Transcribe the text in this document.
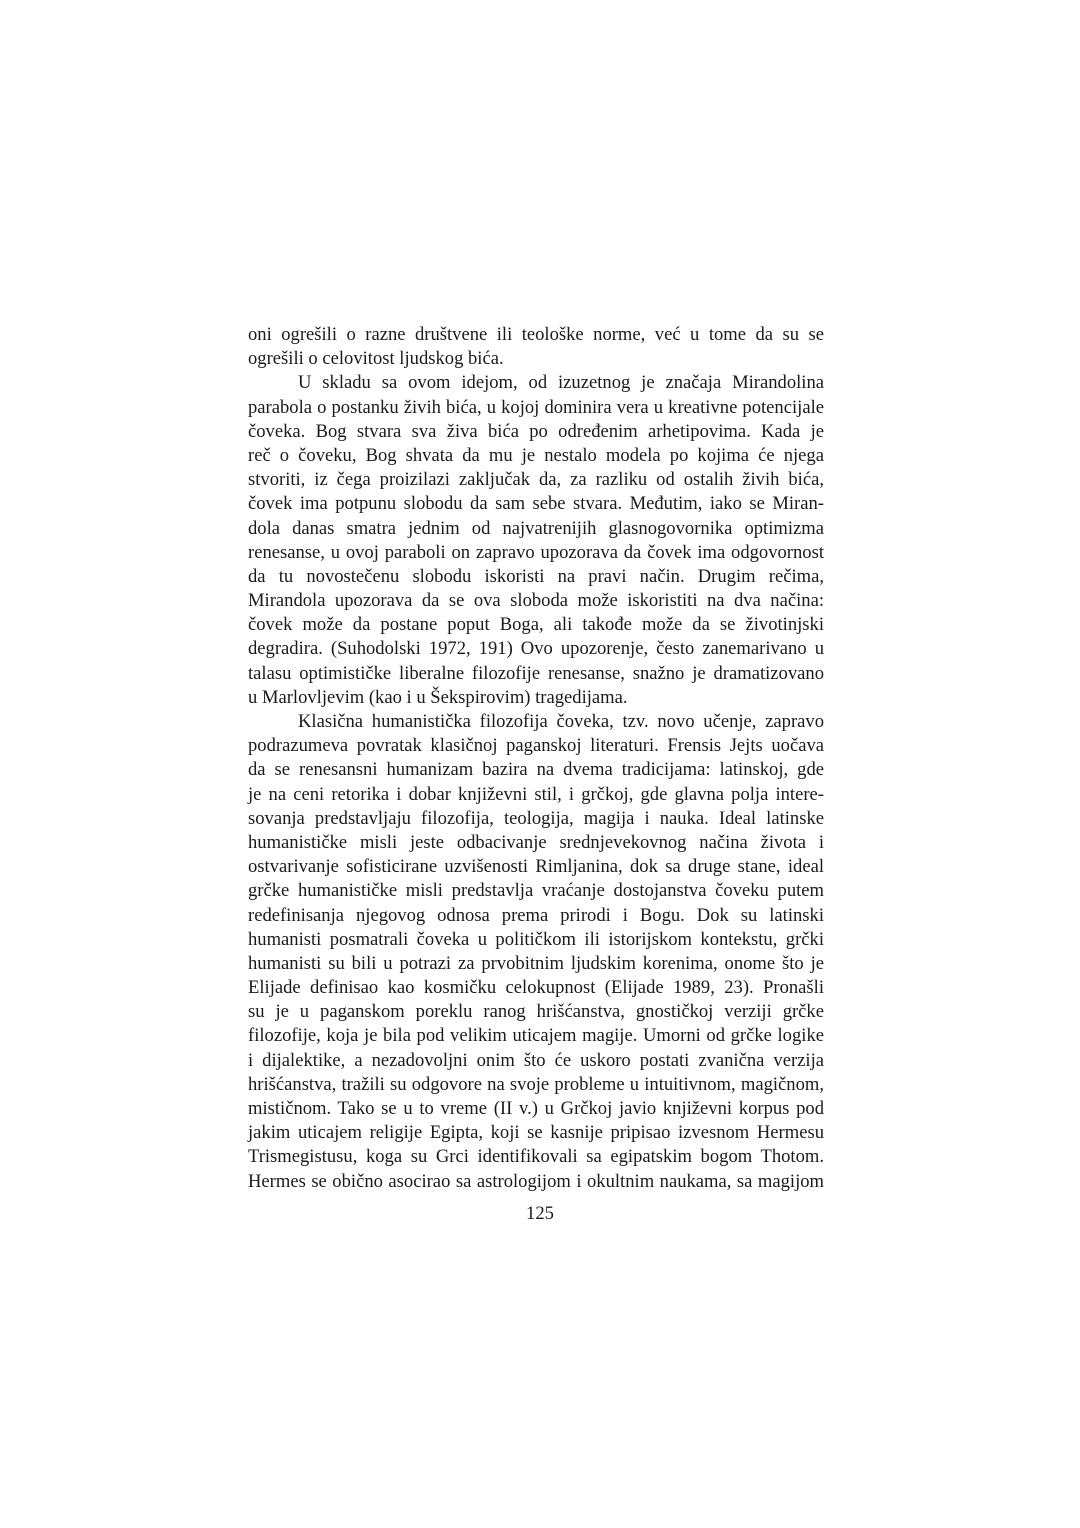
oni ogrešili o razne društvene ili teološke norme, već u tome da su se
ogrešili o celovitost ljudskog bića.
U skladu sa ovom idejom, od izuzetnog je značaja Mirandolina
parabola o postanku živih bića, u kojoj dominira vera u kreativne potencijale
čoveka. Bog stvara sva živa bića po određenim arhetipovima. Kada je
reč o čoveku, Bog shvata da mu je nestalo modela po kojima će njega
stvoriti, iz čega proizilazi zaključak da, za razliku od ostalih živih bića,
čovek ima potpunu slobodu da sam sebe stvara. Međutim, iako se Miran-
dola danas smatra jednim od najvatrenijih glasnogovornika optimizma
renesanse, u ovoj paraboli on zapravo upozorava da čovek ima odgovornost
da tu novostečenu slobodu iskoristi na pravi način. Drugim rečima,
Mirandola upozorava da se ova sloboda može iskoristiti na dva načina:
čovek može da postane poput Boga, ali takođe može da se životinjski
degradira. (Suhodolski 1972, 191) Ovo upozorenje, često zanemarivano u
talasu optimističke liberalne filozofije renesanse, snažno je dramatizovano
u Marlovljevim (kao i u Šekspirovim) tragedijama.
Klasična humanistička filozofija čoveka, tzv. novo učenje, zapravo
podrazumeva povratak klasičnoj paganskoj literaturi. Frensis Jejts uočava
da se renesansni humanizam bazira na dvema tradicijama: latinskoj, gde
je na ceni retorika i dobar književni stil, i grčkoj, gde glavna polja intere-
sovanja predstavljaju filozofija, teologija, magija i nauka. Ideal latinske
humanističke misli jeste odbacivanje srednjevekovnog načina života i
ostvarivanje sofisticirane uzvišenosti Rimljanina, dok sa druge stane, ideal
grčke humanističke misli predstavlja vraćanje dostojanstva čoveku putem
redefinisanja njegovog odnosa prema prirodi i Bogu. Dok su latinski
humanisti posmatrali čoveka u političkom ili istorijskom kontekstu, grčki
humanisti su bili u potrazi za prvobitnim ljudskim korenima, onome što je
Elijade definisao kao kosmičku celokupnost (Elijade 1989, 23). Pronašli
su je u paganskom poreklu ranog hrišćanstva, gnostičkoj verziji grčke
filozofije, koja je bila pod velikim uticajem magije. Umorni od grčke logike
i dijalektike, a nezadovoljni onim što će uskoro postati zvanična verzija
hrišćanstva, tražili su odgovore na svoje probleme u intuitivnom, magičnom,
mističnom. Tako se u to vreme (II v.) u Grčkoj javio književni korpus pod
jakim uticajem religije Egipta, koji se kasnije pripisao izvesnom Hermesu
Trismegistusu, koga su Grci identifikovali sa egipatskim bogom Thotom.
Hermes se obično asocirao sa astrologijom i okultnim naukama, sa magijom
125
